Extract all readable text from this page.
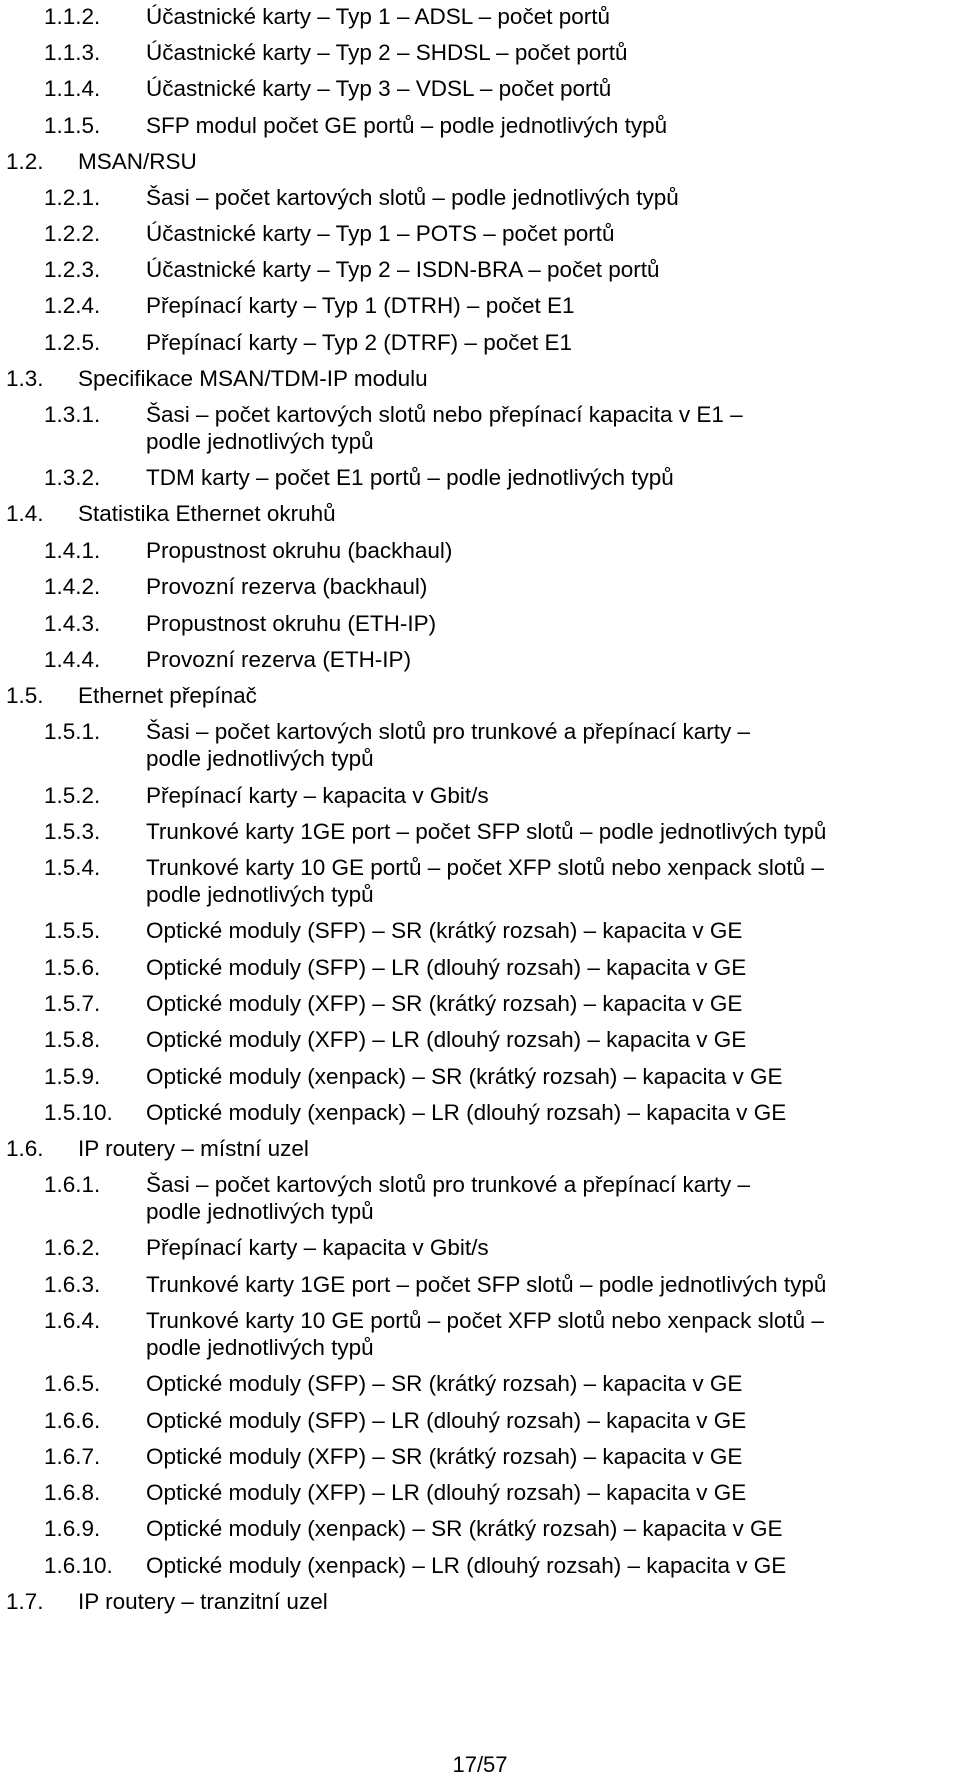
1.1.2. Účastnické karty – Typ 1 – ADSL – počet portů
1.1.3. Účastnické karty – Typ 2 – SHDSL – počet portů
1.1.4. Účastnické karty – Typ 3 – VDSL – počet portů
1.1.5. SFP modul počet GE portů – podle jednotlivých typů
1.2. MSAN/RSU
1.2.1. Šasi – počet kartových slotů – podle jednotlivých typů
1.2.2. Účastnické karty – Typ 1 – POTS – počet portů
1.2.3. Účastnické karty – Typ 2 – ISDN-BRA – počet portů
1.2.4. Přepínací karty – Typ 1 (DTRH) – počet E1
1.2.5. Přepínací karty – Typ 2 (DTRF) – počet E1
1.3. Specifikace MSAN/TDM-IP modulu
1.3.1. Šasi – počet kartových slotů nebo přepínací kapacita v E1 –
podle jednotlivých typů
1.3.2. TDM karty – počet E1 portů – podle jednotlivých typů
1.4. Statistika Ethernet okruhů
1.4.1. Propustnost okruhu (backhaul)
1.4.2. Provozní rezerva (backhaul)
1.4.3. Propustnost okruhu (ETH-IP)
1.4.4. Provozní rezerva (ETH-IP)
1.5. Ethernet přepínač
1.5.1. Šasi – počet kartových slotů pro trunkové a přepínací karty –
podle jednotlivých typů
1.5.2. Přepínací karty – kapacita v Gbit/s
1.5.3. Trunkové karty 1GE port – počet SFP slotů – podle jednotlivých typů
1.5.4. Trunkové karty 10 GE portů – počet XFP slotů nebo xenpack slotů –
podle jednotlivých typů
1.5.5. Optické moduly (SFP) – SR (krátký rozsah) – kapacita v GE
1.5.6. Optické moduly (SFP) – LR (dlouhý rozsah) – kapacita v GE
1.5.7. Optické moduly (XFP) – SR (krátký rozsah) – kapacita v GE
1.5.8. Optické moduly (XFP) – LR (dlouhý rozsah) – kapacita v GE
1.5.9. Optické moduly (xenpack) – SR (krátký rozsah) – kapacita v GE
1.5.10. Optické moduly (xenpack) – LR (dlouhý rozsah) – kapacita v GE
1.6. IP routery – místní uzel
1.6.1. Šasi – počet kartových slotů pro trunkové a přepínací karty –
podle jednotlivých typů
1.6.2. Přepínací karty – kapacita v Gbit/s
1.6.3. Trunkové karty 1GE port – počet SFP slotů – podle jednotlivých typů
1.6.4. Trunkové karty 10 GE portů – počet XFP slotů nebo xenpack slotů –
podle jednotlivých typů
1.6.5. Optické moduly (SFP) – SR (krátký rozsah) – kapacita v GE
1.6.6. Optické moduly (SFP) – LR (dlouhý rozsah) – kapacita v GE
1.6.7. Optické moduly (XFP) – SR (krátký rozsah) – kapacita v GE
1.6.8. Optické moduly (XFP) – LR (dlouhý rozsah) – kapacita v GE
1.6.9. Optické moduly (xenpack) – SR (krátký rozsah) – kapacita v GE
1.6.10. Optické moduly (xenpack) – LR (dlouhý rozsah) – kapacita v GE
1.7. IP routery – tranzitní uzel
17/57
